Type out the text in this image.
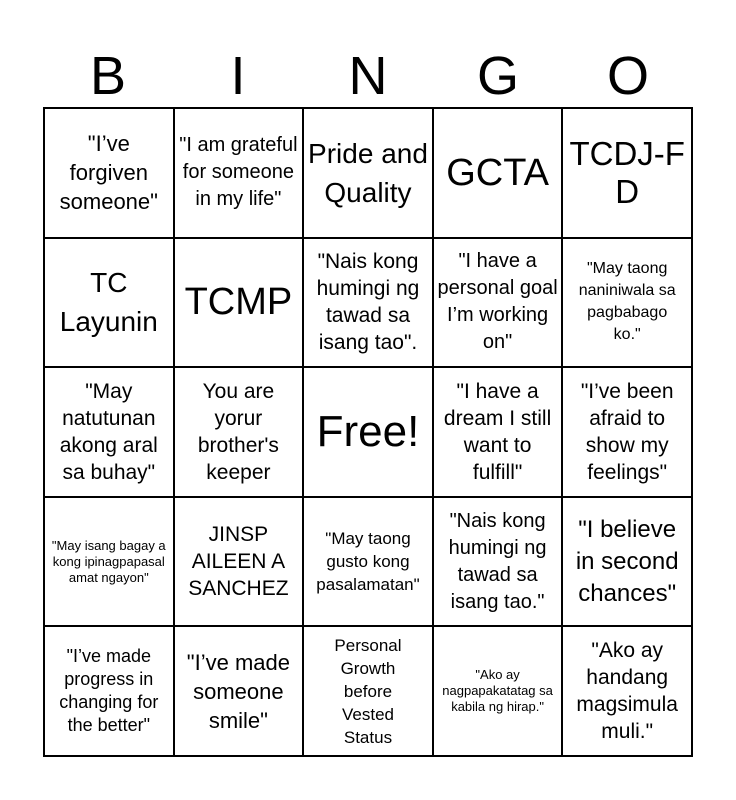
B	I	N	G	O
"I’ve forgiven someone"
"I am grateful for someone in my life"
Pride and Quality GCTA TCDJ-FD
TC Layunin TCMP
"Nais kong humingi ng tawad sa isang tao".
"I have a personal goal I’m working on"
"May taong naniniwala sa pagbabago ko."
"May natutunan akong aral sa buhay"
You are yorur brother's keeper
Free!
"I have a dream I still want to fulfill"
"I’ve been afraid to show my feelings"
"May isang bagay akong ipinagpapasalamat ngayon"
JINSP AILEEN A SANCHEZ
"May taong gusto kong pasalamatan"
"Nais kong humingi ng tawad sa isang tao."
"I believe in second chances"
"I’ve made progress in changing for the better"
"I’ve made someone smile"
Personal Growth before Vested Status
"Ako ay nagpapakatatag sa kabila ng hirap."
"Ako ay handang magsimula muli."
